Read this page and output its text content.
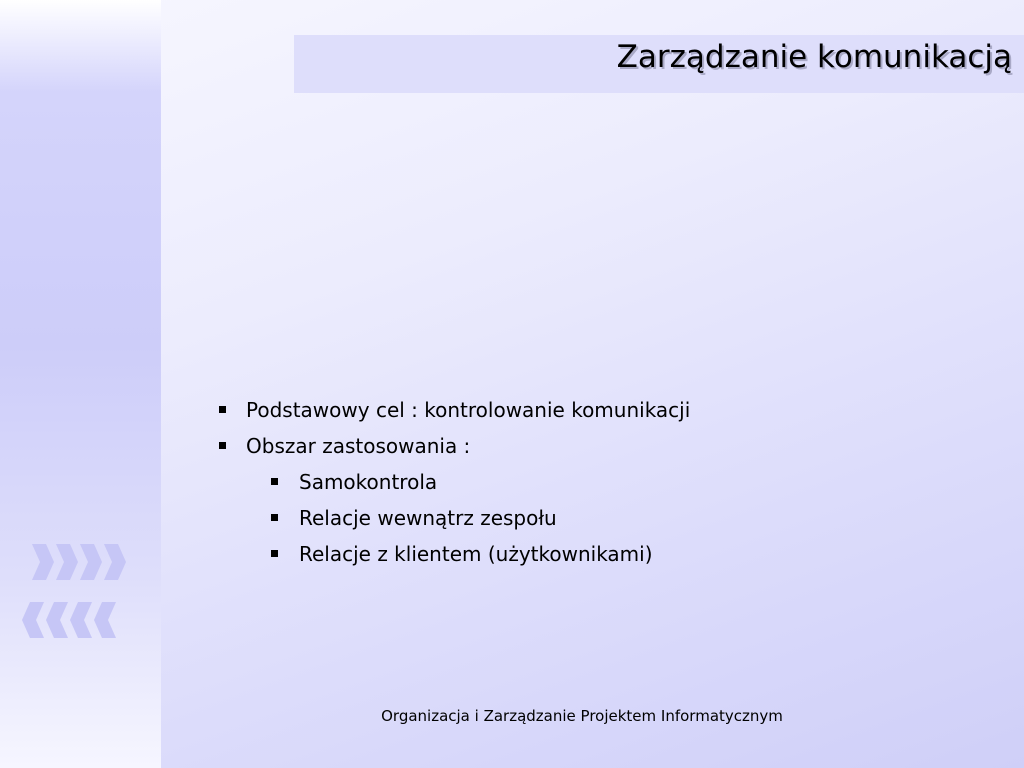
Zarządzanie komunikacją
Podstawowy cel : kontrolowanie komunikacji
Obszar zastosowania :
Samokontrola
Relacje wewnątrz zespołu
Relacje z klientem (użytkownikami)
Organizacja i Zarządzanie Projektem Informatycznym
